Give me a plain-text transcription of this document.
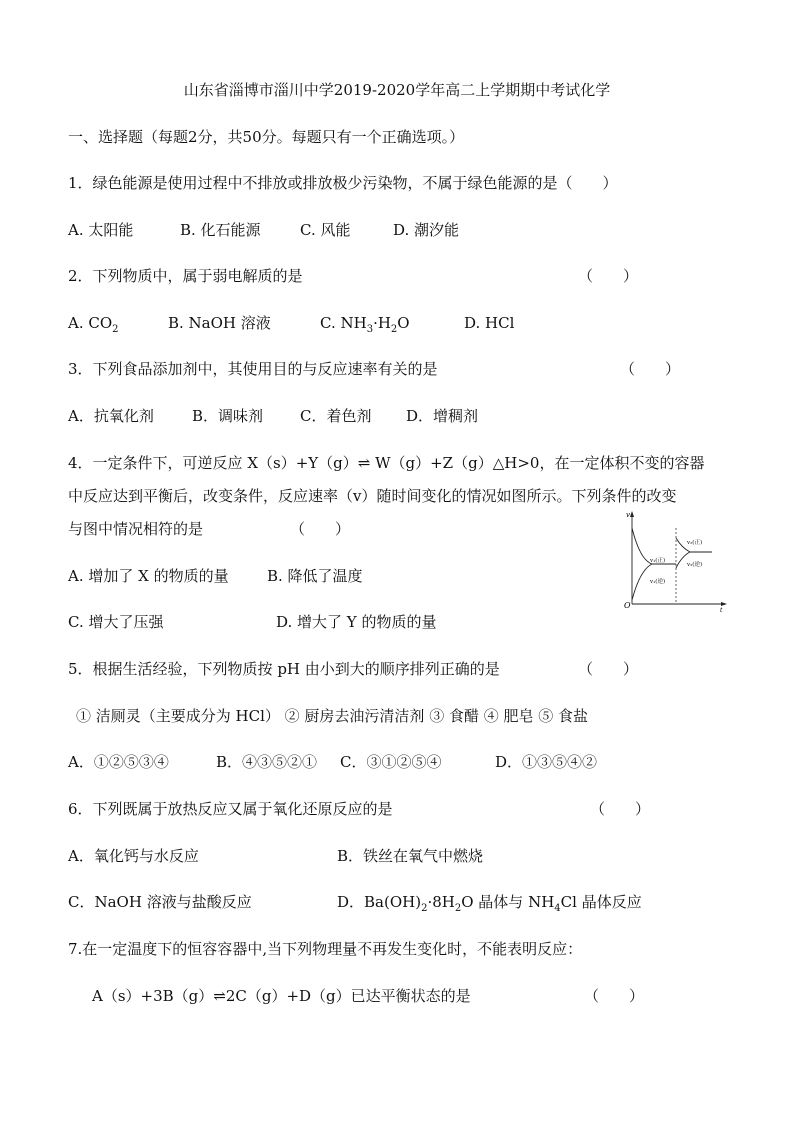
山东省淄博市淄川中学2019-2020学年高二上学期期中考试化学
一、选择题（每题2分，共50分。每题只有一个正确选项。）
1．绿色能源是使用过程中不排放或排放极少污染物，不属于绿色能源的是（　　）
A. 太阳能	B. 化石能源	C. 风能	D. 潮汐能
2．下列物质中，属于弱电解质的是	（　　）
A. $CO_2$	B. NaOH 溶液	C. $NH_3\cdot H_2O$	D. HCl
3．下列食品添加剂中，其使用目的与反应速率有关的是	（　　）
A．抗氧化剂	B．调味剂 C．着色剂 D．增稠剂
4．一定条件下，可逆反应 X（s）+Y（g）⇌ W（g）+Z（g）△H>0，在一定体积不变的容器
中反应达到平衡后，改变条件，反应速率（v）随时间变化的情况如图所示。下列条件的改变
与图中情况相符的是	（　　）
A. 增加了 X 的物质的量	B. 降低了温度
C. 增大了压强	D. 增大了 Y 的物质的量
v
t
O
v₁(正)
v₁(逆)
v₂(正)
v₂(逆)
5．根据生活经验，下列物质按 pH 由小到大的顺序排列正确的是	（　　）
① 洁厕灵（主要成分为 HCl） ② 厨房去油污清洁剂 ③ 食醋 ④ 肥皂 ⑤ 食盐
A．①②⑤③④	B．④③⑤②① C．③①②⑤④	D．①③⑤④②
6．下列既属于放热反应又属于氧化还原反应的是	（　　）
A．氧化钙与水反应	B．铁丝在氧气中燃烧
C．NaOH 溶液与盐酸反应	D．$Ba(OH)_2\cdot 8H_2O$ 晶体与 $NH_4Cl$ 晶体反应
7.在一定温度下的恒容容器中,当下列物理量不再发生变化时，不能表明反应：
A（s）+3B（g）⇌2C（g）+D（g）已达平衡状态的是	（　　）
